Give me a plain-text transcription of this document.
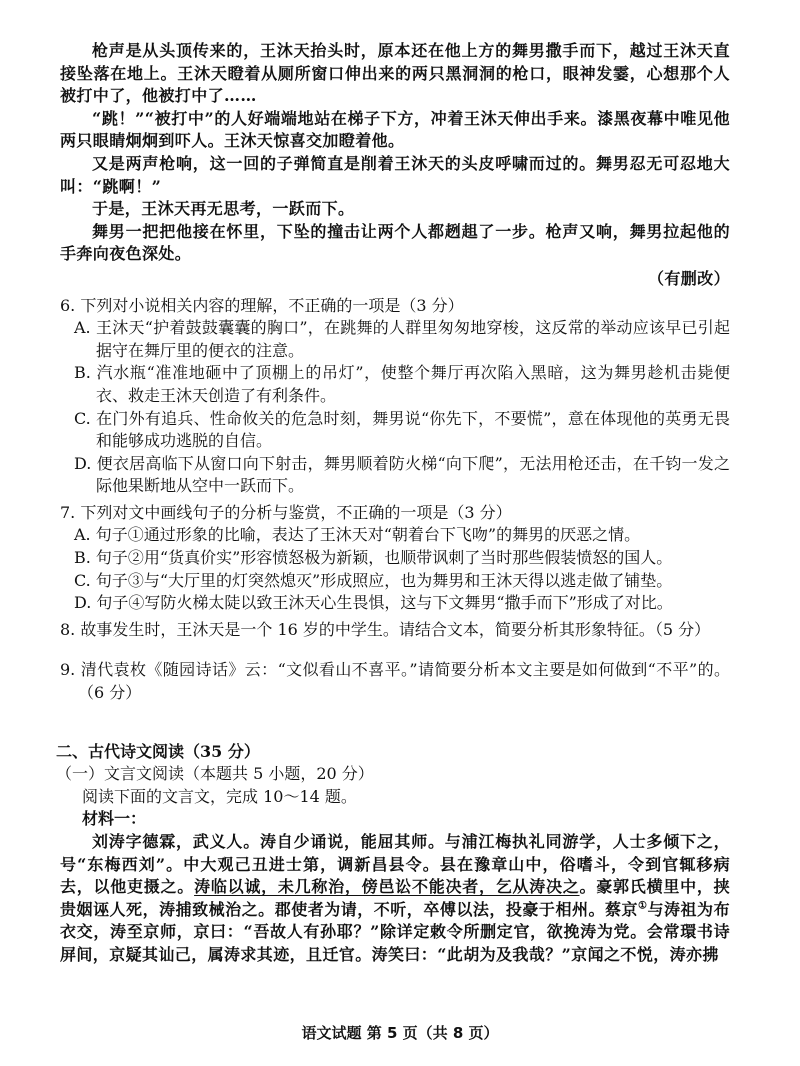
枪声是从头顶传来的，王沐天抬头时，原本还在他上方的舞男撒手而下，越过王沐天直接坠落在地上。王沐天瞪着从厕所窗口伸出来的两只黑洞洞的枪口，眼神发霎，心想那个人被打中了，他被打中了……

“跳！”“被打中”的人好端端地站在梯子下方，冲着王沐天伸出手来。漆黑夜幕中唯见他两只眼睛炯炯到吓人。王沐天惊喜交加瞪着他。

又是两声枪响，这一回的子弹简直是削着王沐天的头皮呼啸而过的。舞男忍无可忍地大叫：“跳啊！”

于是，王沐天再无思考，一跃而下。

舞男一把把他接在怀里，下坠的撞击让两个人都趔趄了一步。枪声又响，舞男拉起他的手奔向夜色深处。

（有删改）

6. 下列对小说相关内容的理解，不正确的一项是（3 分）

A. 王沐天“护着鼓鼓囊囊的胸口”，在跳舞的人群里匆匆地穿梭，这反常的举动应该早已引起据守在舞厅里的便衣的注意。

B. 汽水瓶“准准地砸中了顶棚上的吊灯”，使整个舞厅再次陷入黑暗，这为舞男趁机击毙便衣、救走王沐天创造了有利条件。

C. 在门外有追兵、性命攸关的危急时刻，舞男说“你先下，不要慌”，意在体现他的英勇无畏和能够成功逃脱的自信。

D. 便衣居高临下从窗口向下射击，舞男顺着防火梯“向下爬”，无法用枪还击，在千钧一发之际他果断地从空中一跃而下。

7. 下列对文中画线句子的分析与鉴赏，不正确的一项是（3 分）

A. 句子①通过形象的比喻，表达了王沐天对“朝着台下飞吻”的舞男的厌恶之情。

B. 句子②用“货真价实”形容愤怒极为新颖，也顺带讽刺了当时那些假装愤怒的国人。

C. 句子③与“大厅里的灯突然熄灭”形成照应，也为舞男和王沐天得以逃走做了铺垫。

D. 句子④写防火梯太陡以致王沐天心生畏惧，这与下文舞男“撒手而下”形成了对比。

8. 故事发生时，王沐天是一个 16 岁的中学生。请结合文本，简要分析其形象特征。（5 分）

9. 清代袁枚《随园诗话》云：“文似看山不喜平。”请简要分析本文主要是如何做到“不平”的。（6 分）

二、古代诗文阅读（35 分）

（一）文言文阅读（本题共 5 小题，20 分）

阅读下面的文言文，完成 10～14 题。

材料一：

刘涛字德霖，武义人。涛自少诵说，能屈其师。与浦江梅执礼同游学，人士多倾下之，号“东梅西刘”。中大观己丑进士第，调新昌县令。县在豫章山中，俗嗜斗，令到官辄移病去，以他吏摄之。涛临以诚，未几称治，傍邑讼不能决者，乞从涛决之。豪郭氏横里中，挟贵姻诬人死，涛捕致械治之。郡使者为请，不听，卒傅以法，投豪于相州。蔡京①与涛祖为布衣交，涛至京师，京曰：“吾故人有孙耶？”除详定敕令所删定官，欲挽涛为党。会常環书诗屏间，京疑其讪己，属涛求其迹，且迁官。涛笑曰：“此胡为及我哉？”京闻之不悦，涛亦拂

语文试题 第 5 页（共 8 页）
